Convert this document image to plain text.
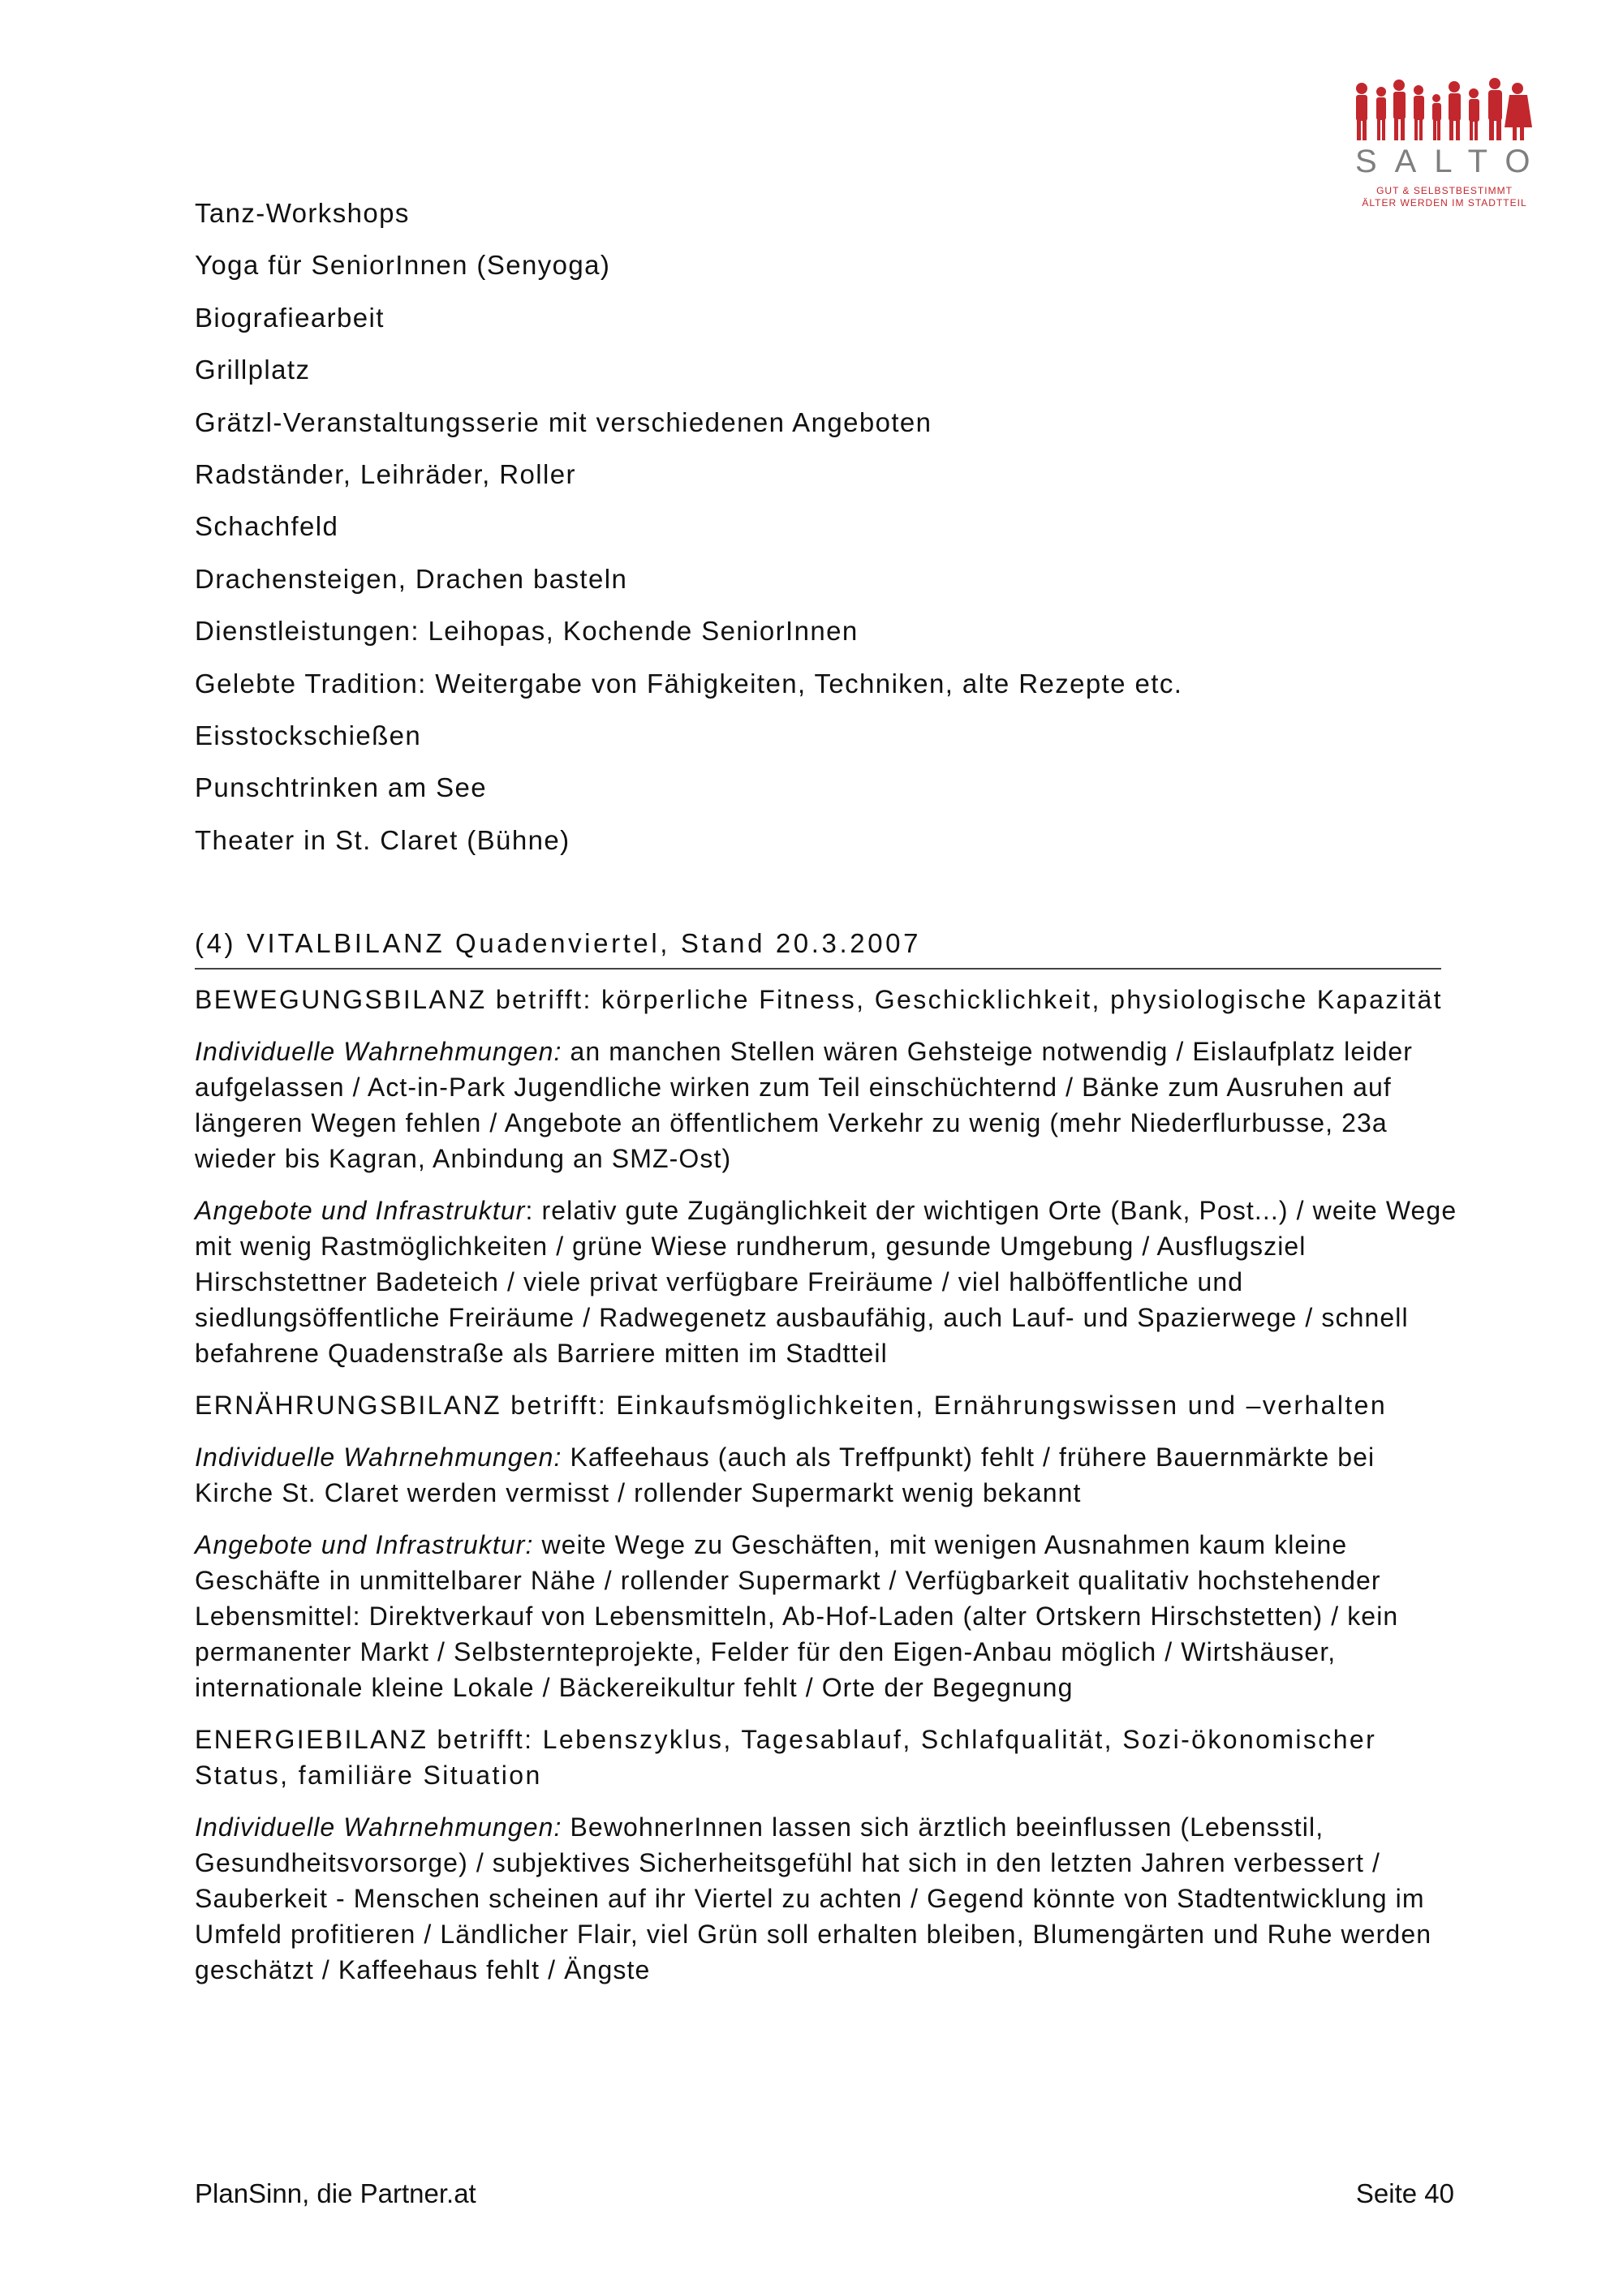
SALTO
GUT & SELBSTBESTIMMT
ÄLTER WERDEN IM STADTTEIL
Tanz-Workshops
Yoga für SeniorInnen (Senyoga)
Biografiearbeit
Grillplatz
Grätzl-Veranstaltungsserie mit verschiedenen Angeboten
Radständer, Leihräder, Roller
Schachfeld
Drachensteigen, Drachen basteln
Dienstleistungen: Leihopas, Kochende SeniorInnen
Gelebte Tradition: Weitergabe von Fähigkeiten, Techniken, alte Rezepte etc.
Eisstockschießen
Punschtrinken am See
Theater in St. Claret (Bühne)
(4) VITALBILANZ Quadenviertel, Stand 20.3.2007

BEWEGUNGSBILANZ betrifft: körperliche Fitness, Geschicklichkeit, physiologische Kapazität

Individuelle Wahrnehmungen: an manchen Stellen wären Gehsteige notwendig / Eislaufplatz leider aufgelassen / Act-in-Park Jugendliche wirken zum Teil einschüchternd / Bänke zum Ausruhen auf längeren Wegen fehlen / Angebote an öffentlichem Verkehr zu wenig (mehr Niederflurbusse, 23a wieder bis Kagran, Anbindung an SMZ-Ost)

Angebote und Infrastruktur: relativ gute Zugänglichkeit der wichtigen Orte (Bank, Post...) / weite Wege mit wenig Rastmöglichkeiten / grüne Wiese rundherum, gesunde Umgebung / Ausflugsziel Hirschstettner Badeteich / viele privat verfügbare Freiräume / viel halböffentliche und siedlungsöffentliche Freiräume / Radwegenetz ausbaufähig, auch Lauf- und Spazierwege / schnell befahrene Quadenstraße als Barriere mitten im Stadtteil

ERNÄHRUNGSBILANZ betrifft: Einkaufsmöglichkeiten, Ernährungswissen und –verhalten

Individuelle Wahrnehmungen: Kaffeehaus (auch als Treffpunkt) fehlt / frühere Bauernmärkte bei Kirche St. Claret werden vermisst / rollender Supermarkt wenig bekannt

Angebote und Infrastruktur: weite Wege zu Geschäften, mit wenigen Ausnahmen kaum kleine Geschäfte in unmittelbarer Nähe / rollender Supermarkt / Verfügbarkeit qualitativ hochstehender Lebensmittel: Direktverkauf von Lebensmitteln, Ab-Hof-Laden (alter Ortskern Hirschstetten) / kein permanenter Markt / Selbsternteprojekte, Felder für den Eigen-Anbau möglich / Wirtshäuser, internationale kleine Lokale / Bäckereikultur fehlt / Orte der Begegnung

ENERGIEBILANZ betrifft: Lebenszyklus, Tagesablauf, Schlafqualität, Sozi-ökonomischer Status, familiäre Situation

Individuelle Wahrnehmungen: BewohnerInnen lassen sich ärztlich beeinflussen (Lebensstil, Gesundheitsvorsorge) / subjektives Sicherheitsgefühl hat sich in den letzten Jahren verbessert / Sauberkeit - Menschen scheinen auf ihr Viertel zu achten / Gegend könnte von Stadtentwicklung im Umfeld profitieren / Ländlicher Flair, viel Grün soll erhalten bleiben, Blumengärten und Ruhe werden geschätzt / Kaffeehaus fehlt / Ängste

PlanSinn, die Partner.at	Seite 40
